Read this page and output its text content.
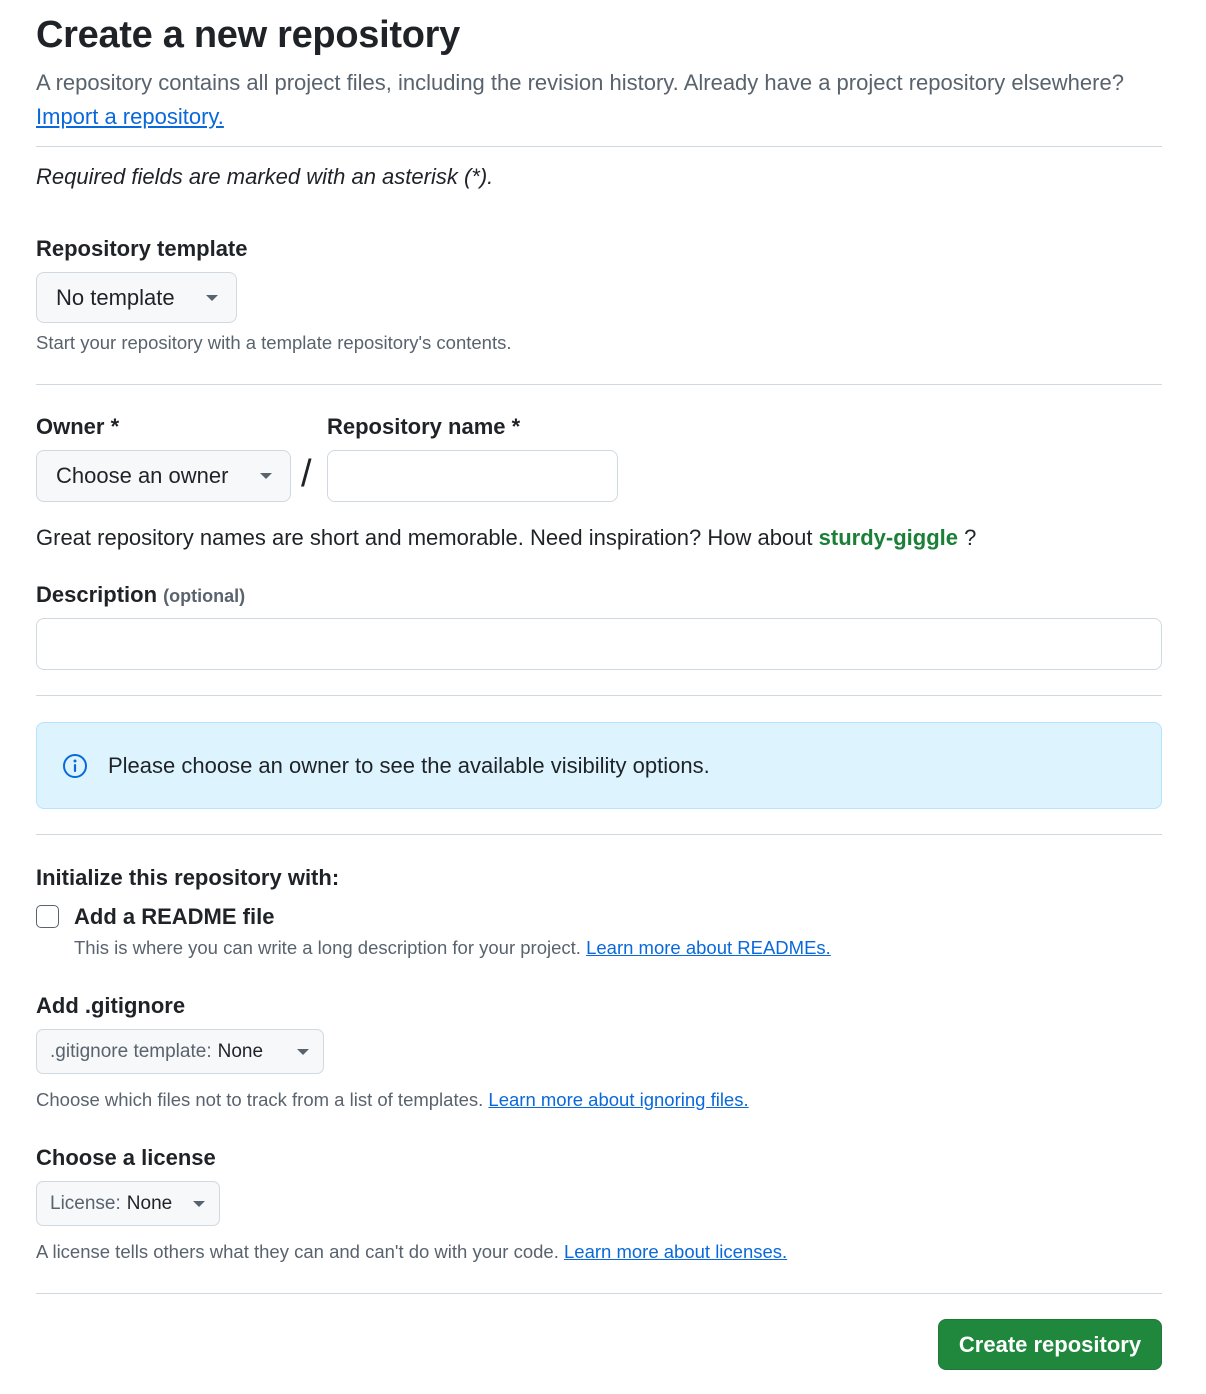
Create a new repository
A repository contains all project files, including the revision history. Already have a project repository elsewhere? Import a repository.
Required fields are marked with an asterisk (*).
Repository template
No template
Start your repository with a template repository's contents.
Owner *	Repository name *
Choose an owner /
Great repository names are short and memorable. Need inspiration? How about sturdy-giggle ?
Description (optional)
Please choose an owner to see the available visibility options.
Initialize this repository with:
Add a README file
This is where you can write a long description for your project. Learn more about READMEs.
Add .gitignore
.gitignore template: None
Choose which files not to track from a list of templates. Learn more about ignoring files.
Choose a license
License: None
A license tells others what they can and can't do with your code. Learn more about licenses.
Create repository
